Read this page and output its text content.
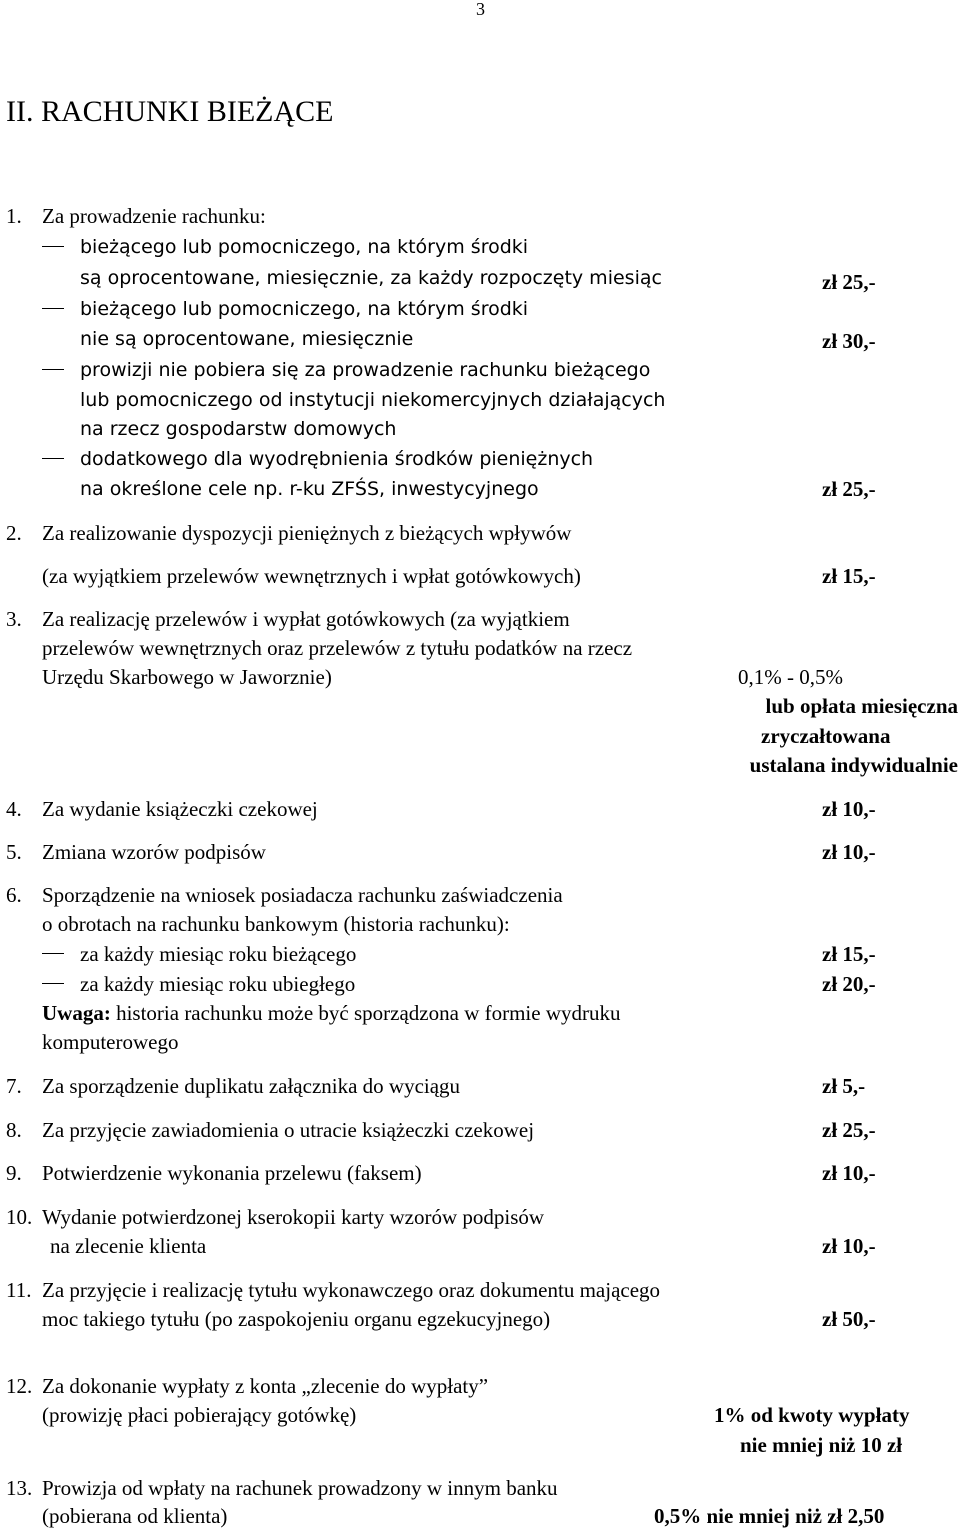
3
II. RACHUNKI BIEŻĄCE
1. Za prowadzenie rachunku:
bieżącego lub pomocniczego, na którym środki
są oprocentowane, miesięcznie, za każdy rozpoczęty miesiąc	zł 25,-
bieżącego lub pomocniczego, na którym środki
nie są oprocentowane, miesięcznie	zł 30,-
prowizji nie pobiera się za prowadzenie rachunku bieżącego
lub pomocniczego od instytucji niekomercyjnych działających
na rzecz gospodarstw domowych
dodatkowego dla wyodrębnienia środków pieniężnych
na określone cele np. r-ku ZFŚS, inwestycyjnego	zł 25,-
2. Za realizowanie dyspozycji pieniężnych z bieżących wpływów
(za wyjątkiem przelewów wewnętrznych i wpłat gotówkowych)	zł 15,-
3. Za realizację przelewów i wypłat gotówkowych (za wyjątkiem
przelewów wewnętrznych oraz przelewów z tytułu podatków na rzecz
Urzędu Skarbowego w Jaworznie)	0,1% - 0,5%
lub opłata miesięczna
zryczałtowana
ustalana indywidualnie
4. Za wydanie książeczki czekowej	zł 10,-
5. Zmiana wzorów podpisów	zł 10,-
6. Sporządzenie na wniosek posiadacza rachunku zaświadczenia
o obrotach na rachunku bankowym (historia rachunku):
za każdy miesiąc roku bieżącego	zł 15,-
za każdy miesiąc roku ubiegłego	zł 20,-
Uwaga: historia rachunku może być sporządzona w formie wydruku
komputerowego
7. Za sporządzenie duplikatu załącznika do wyciągu	zł 5,-
8. Za przyjęcie zawiadomienia o utracie książeczki czekowej	zł 25,-
9. Potwierdzenie wykonania przelewu (faksem)	zł 10,-
10. Wydanie potwierdzonej kserokopii karty wzorów podpisów
na zlecenie klienta	zł 10,-
11. Za przyjęcie i realizację tytułu wykonawczego oraz dokumentu mającego
moc takiego tytułu (po zaspokojeniu organu egzekucyjnego)	zł 50,-
12. Za dokonanie wypłaty z konta „zlecenie do wypłaty”
(prowizję płaci pobierający gotówkę)	1% od kwoty wypłaty
nie mniej niż 10 zł
13. Prowizja od wpłaty na rachunek prowadzony w innym banku
(pobierana od klienta)	0,5% nie mniej niż zł 2,50
